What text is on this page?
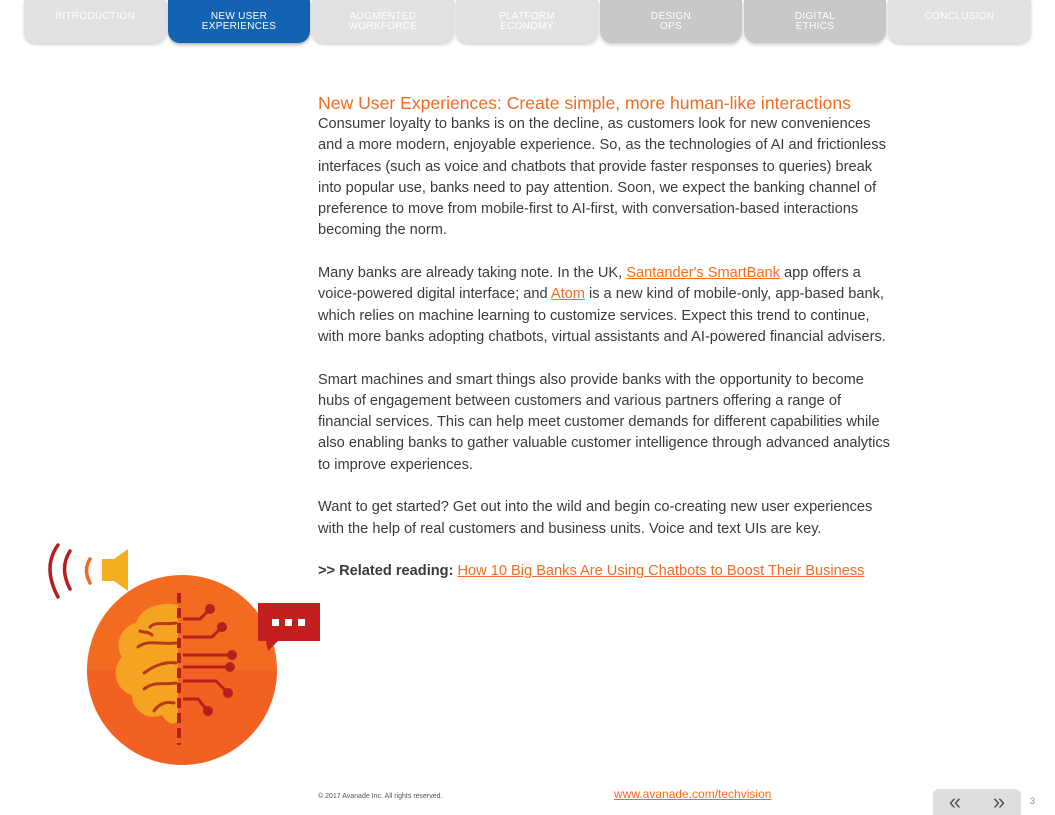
INTRODUCTION	NEW USER
EXPERIENCES
AUGMENTED
WORKFORCE
PLATFORM
ECONOMY
DESIGN
OPS
DIGITAL
ETHICS
CONCLUSION
New User Experiences: Create simple, more human-like interactions

Consumer loyalty to banks is on the decline, as customers look for new conveniences and a more modern, enjoyable experience. So, as the technologies of AI and frictionless interfaces (such as voice and chatbots that provide faster responses to queries) break into popular use, banks need to pay attention. Soon, we expect the banking channel of preference to move from mobile-first to AI-first, with conversation-based interactions becoming the norm.

Many banks are already taking note. In the UK, Santander's SmartBank app offers a voice-powered digital interface; and Atom is a new kind of mobile-only, app-based bank, which relies on machine learning to customize services. Expect this trend to continue, with more banks adopting chatbots, virtual assistants and AI-powered financial advisers.

Smart machines and smart things also provide banks with the opportunity to become hubs of engagement between customers and various partners offering a range of financial services. This can help meet customer demands for different capabilities while also enabling banks to gather valuable customer intelligence through advanced analytics to improve experiences.

Want to get started? Get out into the wild and begin co-creating new user experiences with the help of real customers and business units. Voice and text UIs are key.

>> Related reading: How 10 Big Banks Are Using Chatbots to Boost Their Business

© 2017 Avanade Inc. All rights reserved.	www.avanade.com/techvision	« »	3
